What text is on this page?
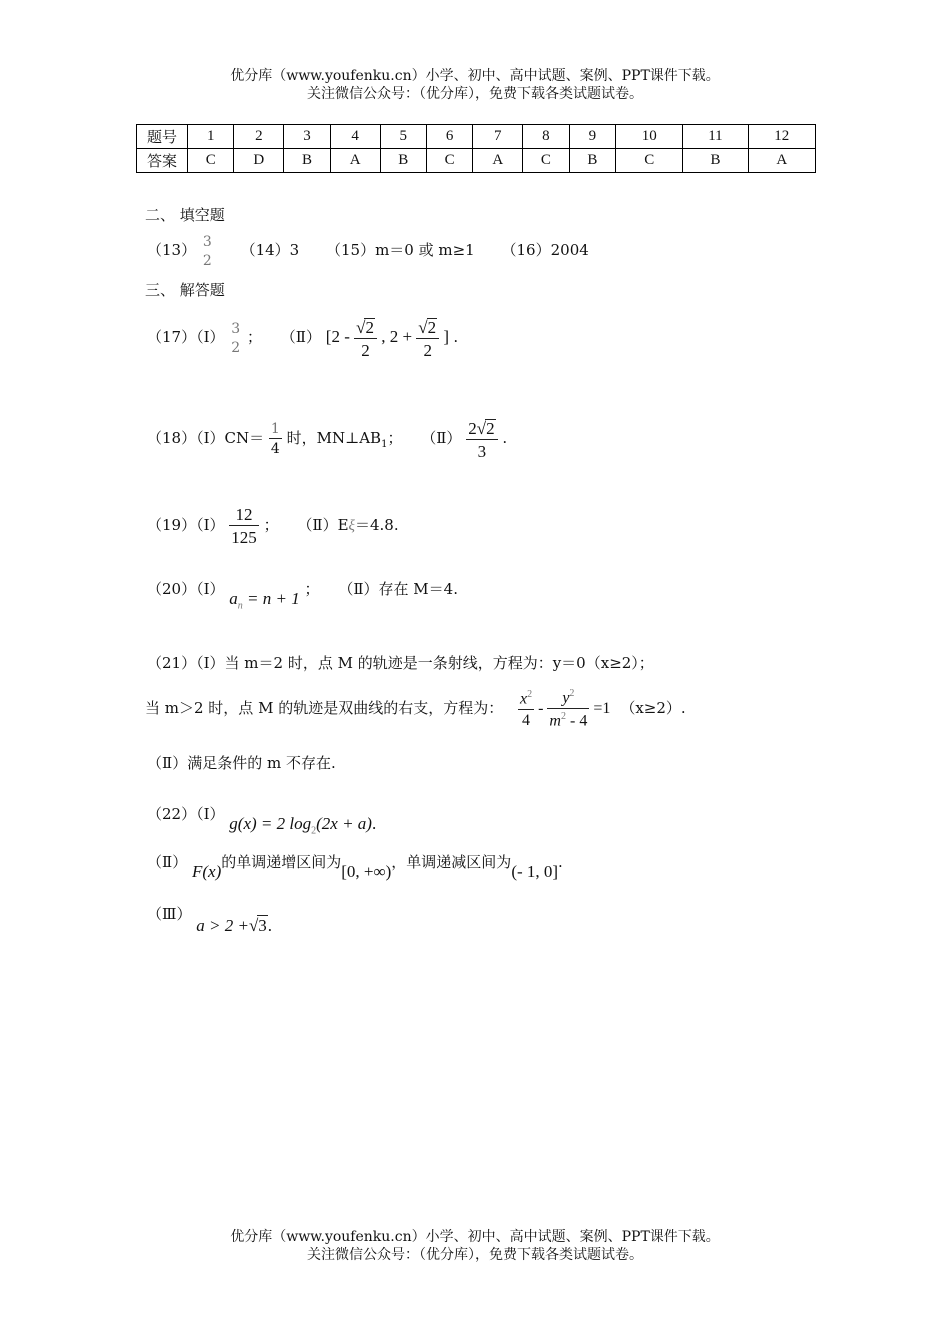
优分库（www.youfenku.cn）小学、初中、高中试题、案例、PPT课件下载。
关注微信公众号：（优分库），免费下载各类试题试卷。
题号	1	2	3	4	5	6	7	8	9	10	11	12
答案	C	D	B	A	B	C	A	C	B	C	B	A
二、 填空题
（13） 3
2
（14）3 （15）m＝0 或 m≥1 （16）2004
三、 解答题
（17）（Ⅰ） 3
2
； （Ⅱ） [$2 - \frac{√2}{2}$ , $2 + \frac{√2}{2}$ ] .
（18）（Ⅰ）CN＝ $\frac{1}{4}$ 时，$MN\perp AB_1$； （Ⅱ） $\frac{2√2}{3}$ .
（19）（Ⅰ） $\frac{12}{125}$ ； （Ⅱ）Eξ＝4.8.
（20）（Ⅰ） $a_n = n + 1$ ； （Ⅱ）存在 M＝4.
（21）（Ⅰ）当 m＝2 时，点 M 的轨迹是一条射线，方程为：y＝0（x≥2）；
当 m＞2 时，点 M 的轨迹是双曲线的右支，方程为： $\frac{x^2}{4} - \frac{y^2}{m^2 - 4} =1$ （x≥2）.
（Ⅱ）满足条件的 m 不存在.
（22）（Ⅰ） g(x) = 2 $\log_2(2x + a)$.
（Ⅱ） F(x)的单调递增区间为[0, +∞)，单调递减区间为(- 1, 0].
（Ⅲ） a > 2 +√3.
优分库（www.youfenku.cn）小学、初中、高中试题、案例、PPT课件下载。
关注微信公众号：（优分库），免费下载各类试题试卷。
